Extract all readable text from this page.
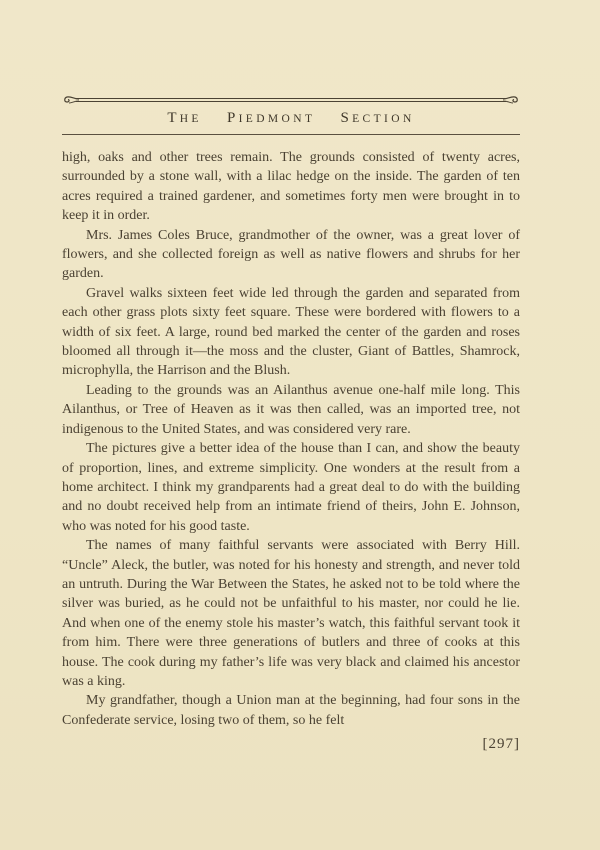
THE   PIEDMONT   SECTION

high, oaks and other trees remain. The grounds consisted of twenty acres, surrounded by a stone wall, with a lilac hedge on the inside. The garden of ten acres required a trained gardener, and sometimes forty men were brought in to keep it in order.

Mrs. James Coles Bruce, grandmother of the owner, was a great lover of flowers, and she collected foreign as well as native flowers and shrubs for her garden.

Gravel walks sixteen feet wide led through the garden and separated from each other grass plots sixty feet square. These were bordered with flowers to a width of six feet. A large, round bed marked the center of the garden and roses bloomed all through it—the moss and the cluster, Giant of Battles, Shamrock, microphylla, the Harrison and the Blush.

Leading to the grounds was an Ailanthus avenue one-half mile long. This Ailanthus, or Tree of Heaven as it was then called, was an imported tree, not indigenous to the United States, and was considered very rare.

The pictures give a better idea of the house than I can, and show the beauty of proportion, lines, and extreme simplicity. One wonders at the result from a home architect. I think my grandparents had a great deal to do with the building and no doubt received help from an intimate friend of theirs, John E. Johnson, who was noted for his good taste.

The names of many faithful servants were associated with Berry Hill. “Uncle” Aleck, the butler, was noted for his honesty and strength, and never told an untruth. During the War Between the States, he asked not to be told where the silver was buried, as he could not be unfaithful to his master, nor could he lie. And when one of the enemy stole his master’s watch, this faithful servant took it from him. There were three generations of butlers and three of cooks at this house. The cook during my father’s life was very black and claimed his ancestor was a king.

My grandfather, though a Union man at the beginning, had four sons in the Confederate service, losing two of them, so he felt

[297]
